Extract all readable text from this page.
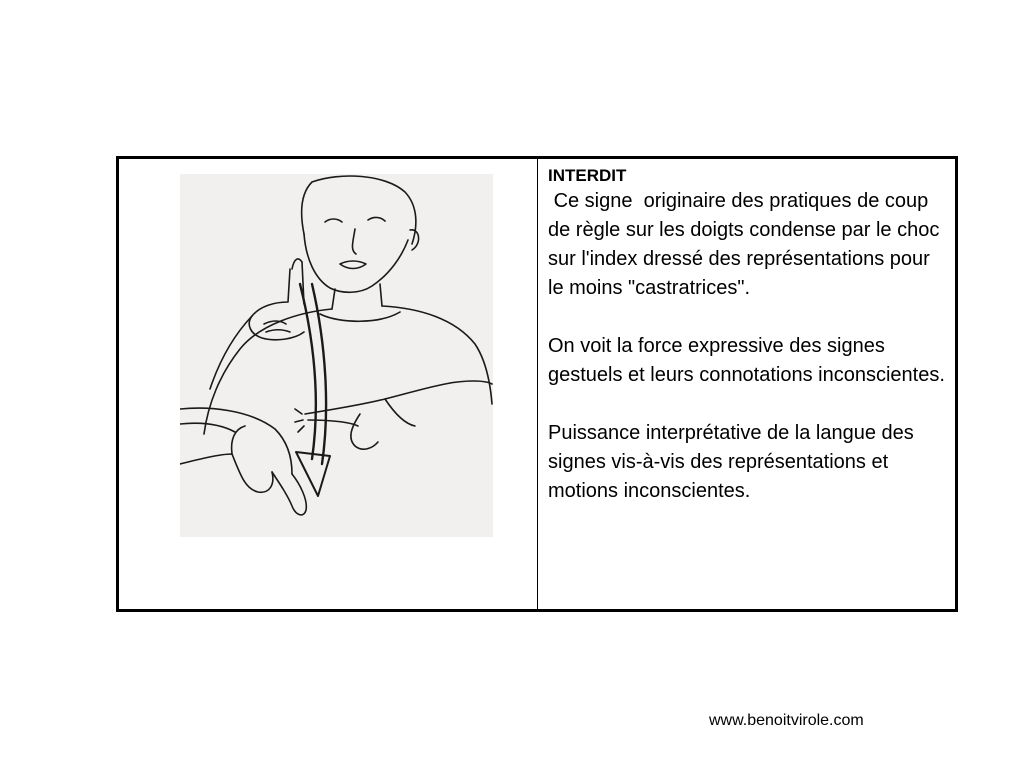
INTERDIT

Ce signe  originaire des pratiques de coup de règle sur les doigts condense par le choc sur l'index dressé des représentations pour le moins "castratrices".

On voit la force expressive des signes gestuels et leurs connotations inconscientes.

Puissance interprétative de la langue des signes vis-à-vis des représentations et motions inconscientes.

www.benoitvirole.com
